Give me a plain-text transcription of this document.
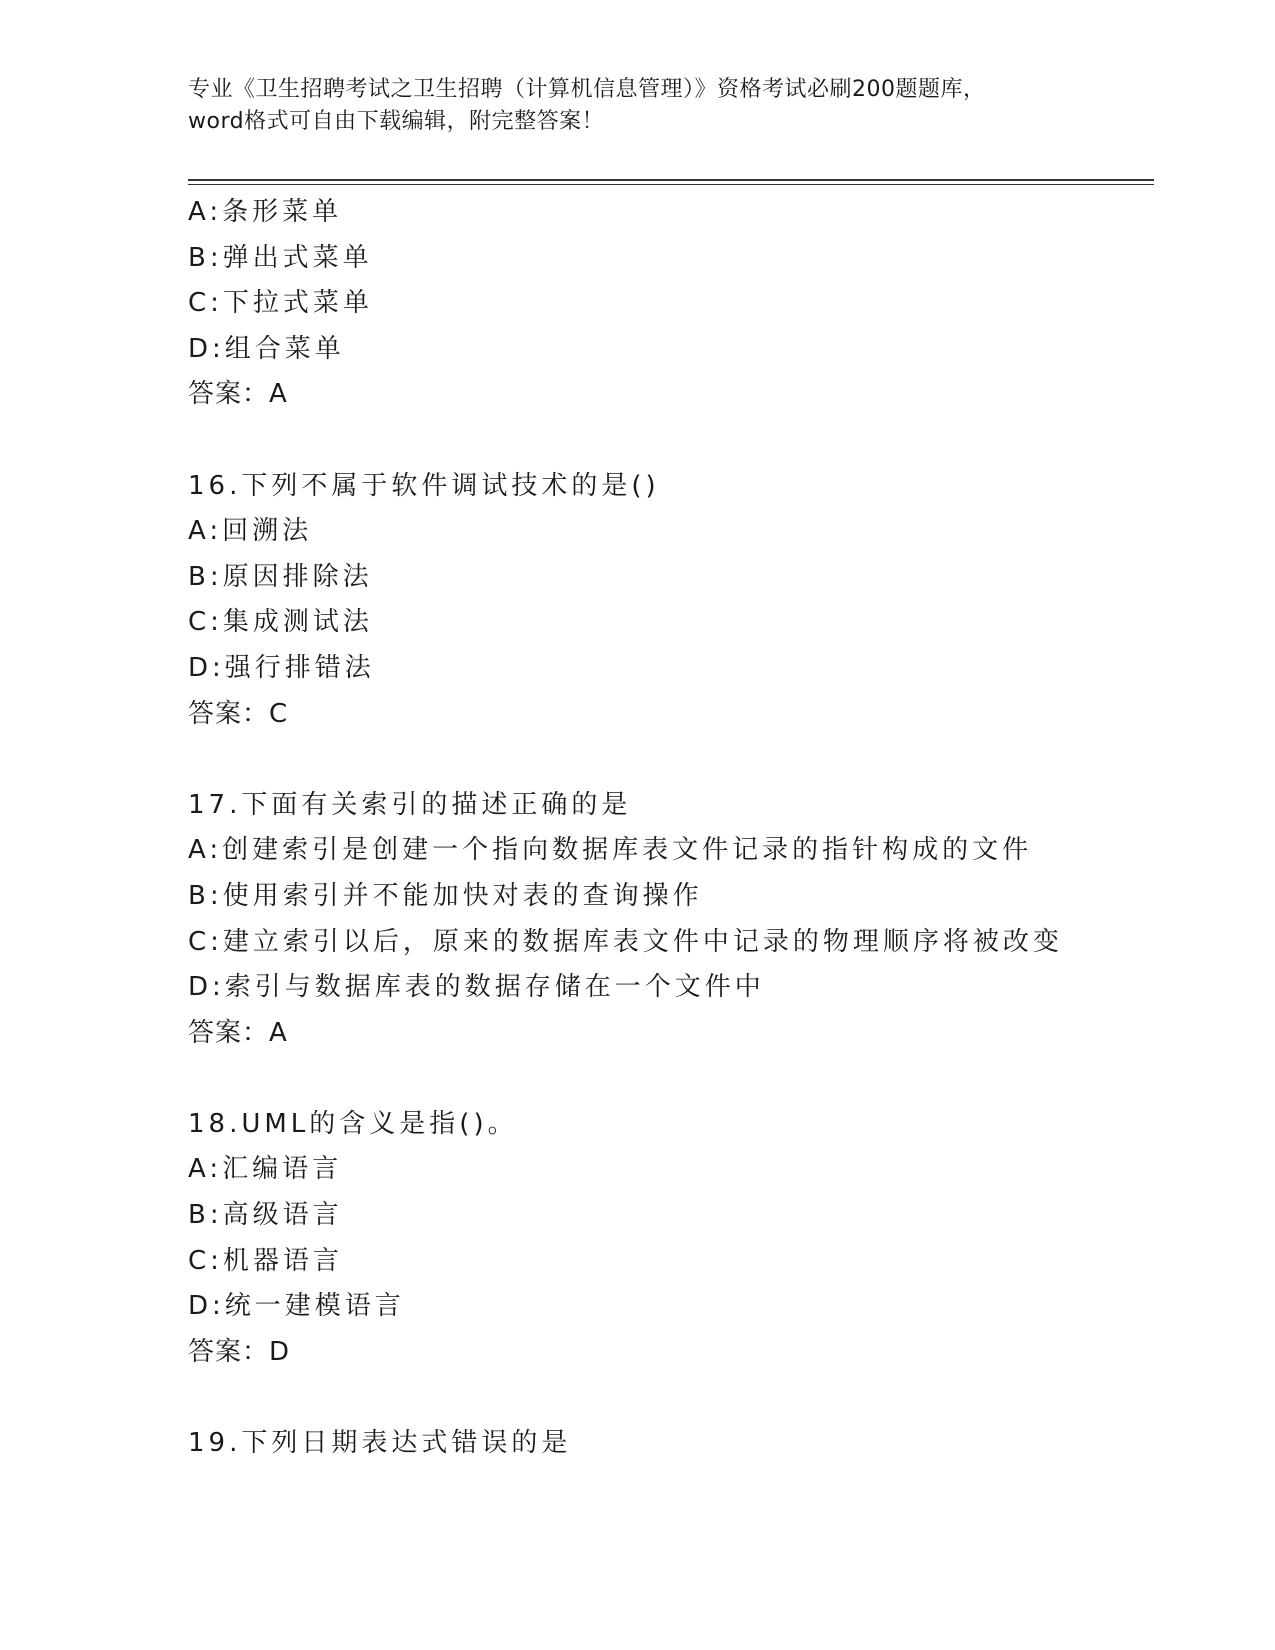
专业《卫生招聘考试之卫生招聘（计算机信息管理）》资格考试必刷200题题库，
word格式可自由下载编辑，附完整答案！
A:条形菜单
B:弹出式菜单
C:下拉式菜单
D:组合菜单
答案：A
16.下列不属于软件调试技术的是()
A:回溯法
B:原因排除法
C:集成测试法
D:强行排错法
答案：C
17.下面有关索引的描述正确的是
A:创建索引是创建一个指向数据库表文件记录的指针构成的文件
B:使用索引并不能加快对表的查询操作
C:建立索引以后，原来的数据库表文件中记录的物理顺序将被改变
D:索引与数据库表的数据存储在一个文件中
答案：A
18.UML的含义是指()。
A:汇编语言
B:高级语言
C:机器语言
D:统一建模语言
答案：D
19.下列日期表达式错误的是
